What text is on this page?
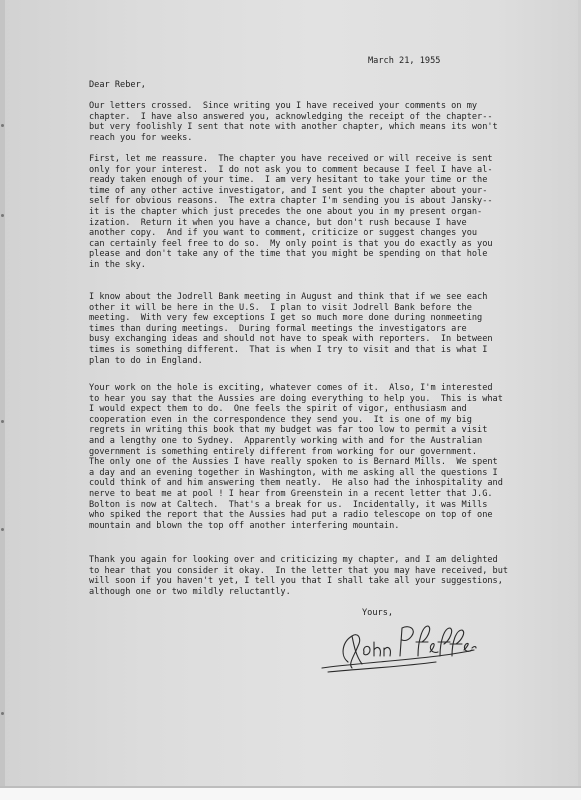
March 21, 1955
Dear Reber,
Our letters crossed.  Since writing you I have received your comments on my
chapter.  I have also answered you, acknowledging the receipt of the chapter--
but very foolishly I sent that note with another chapter, which means its won't
reach you for weeks.
First, let me reassure.  The chapter you have received or will receive is sent
only for your interest.  I do not ask you to comment because I feel I have al-
ready taken enough of your time.  I am very hesitant to take your time or the
time of any other active investigator, and I sent you the chapter about your-
self for obvious reasons.  The extra chapter I'm sending you is about Jansky--
it is the chapter which just precedes the one about you in my present organ-
ization.  Return it when you have a chance, but don't rush because I have
another copy.  And if you want to comment, criticize or suggest changes you
can certainly feel free to do so.  My only point is that you do exactly as you
please and don't take any of the time that you might be spending on that hole
in the sky.
I know about the Jodrell Bank meeting in August and think that if we see each
other it will be here in the U.S.  I plan to visit Jodrell Bank before the
meeting.  With very few exceptions I get so much more done during nonmeeting
times than during meetings.  During formal meetings the investigators are
busy exchanging ideas and should not have to speak with reporters.  In between
times is something different.  That is when I try to visit and that is what I
plan to do in England.
Your work on the hole is exciting, whatever comes of it.  Also, I'm interested
to hear you say that the Aussies are doing everything to help you.  This is what
I would expect them to do.  One feels the spirit of vigor, enthusiasm and
cooperation even in the correspondence they send you.  It is one of my big
regrets in writing this book that my budget was far too low to permit a visit
and a lengthy one to Sydney.  Apparently working with and for the Australian
government is something entirely different from working for our government.
The only one of the Aussies I have really spoken to is Bernard Mills.  We spent
a day and an evening together in Washington, with me asking all the questions I
could think of and him answering them neatly.  He also had the inhospitality and
nerve to beat me at pool ! I hear from Greenstein in a recent letter that J.G.
Bolton is now at Caltech.  That's a break for us.  Incidentally, it was Mills
who spiked the report that the Aussies had put a radio telescope on top of one
mountain and blown the top off another interfering mountain.
Thank you again for looking over and criticizing my chapter, and I am delighted
to hear that you consider it okay.  In the letter that you may have received, but
will soon if you haven't yet, I tell you that I shall take all your suggestions,
although one or two mildly reluctantly.
Yours,
